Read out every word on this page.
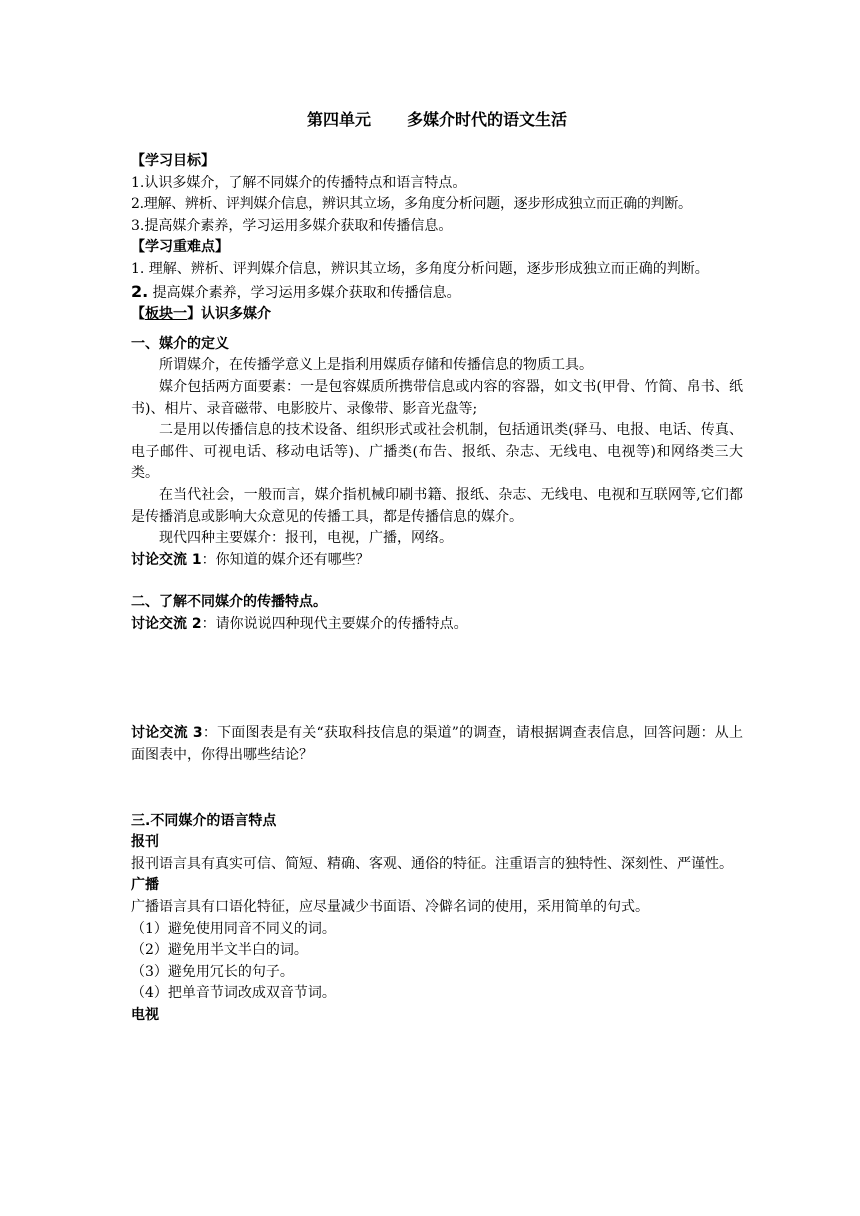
第四单元 多媒介时代的语文生活

【学习目标】

1.认识多媒介，了解不同媒介的传播特点和语言特点。

2.理解、辨析、评判媒介信息，辨识其立场，多角度分析问题，逐步形成独立而正确的判断。

3.提高媒介素养，学习运用多媒介获取和传播信息。

【学习重难点】

1. 理解、辨析、评判媒介信息，辨识其立场，多角度分析问题，逐步形成独立而正确的判断。

2. 提高媒介素养，学习运用多媒介获取和传播信息。

【板块一】认识多媒介

一、媒介的定义

所谓媒介，在传播学意义上是指利用媒质存储和传播信息的物质工具。

媒介包括两方面要素：一是包容媒质所携带信息或内容的容器，如文书(甲骨、竹简、帛书、纸书)、相片、录音磁带、电影胶片、录像带、影音光盘等;

二是用以传播信息的技术设备、组织形式或社会机制，包括通讯类(驿马、电报、电话、传真、电子邮件、可视电话、移动电话等)、广播类(布告、报纸、杂志、无线电、电视等)和网络类三大类。

在当代社会，一般而言，媒介指机械印刷书籍、报纸、杂志、无线电、电视和互联网等,它们都是传播消息或影响大众意见的传播工具，都是传播信息的媒介。

现代四种主要媒介：报刊，电视，广播，网络。

讨论交流 1：你知道的媒介还有哪些？

二、了解不同媒介的传播特点。

讨论交流 2：请你说说四种现代主要媒介的传播特点。

讨论交流 3：下面图表是有关“获取科技信息的渠道”的调查，请根据调查表信息，回答问题：从上面图表中，你得出哪些结论？

三.不同媒介的语言特点

报刊

报刊语言具有真实可信、简短、精确、客观、通俗的特征。注重语言的独特性、深刻性、严谨性。

广播

广播语言具有口语化特征，应尽量减少书面语、冷僻名词的使用，采用简单的句式。

（1）避免使用同音不同义的词。

（2）避免用半文半白的词。

（3）避免用冗长的句子。

（4）把单音节词改成双音节词。

电视
